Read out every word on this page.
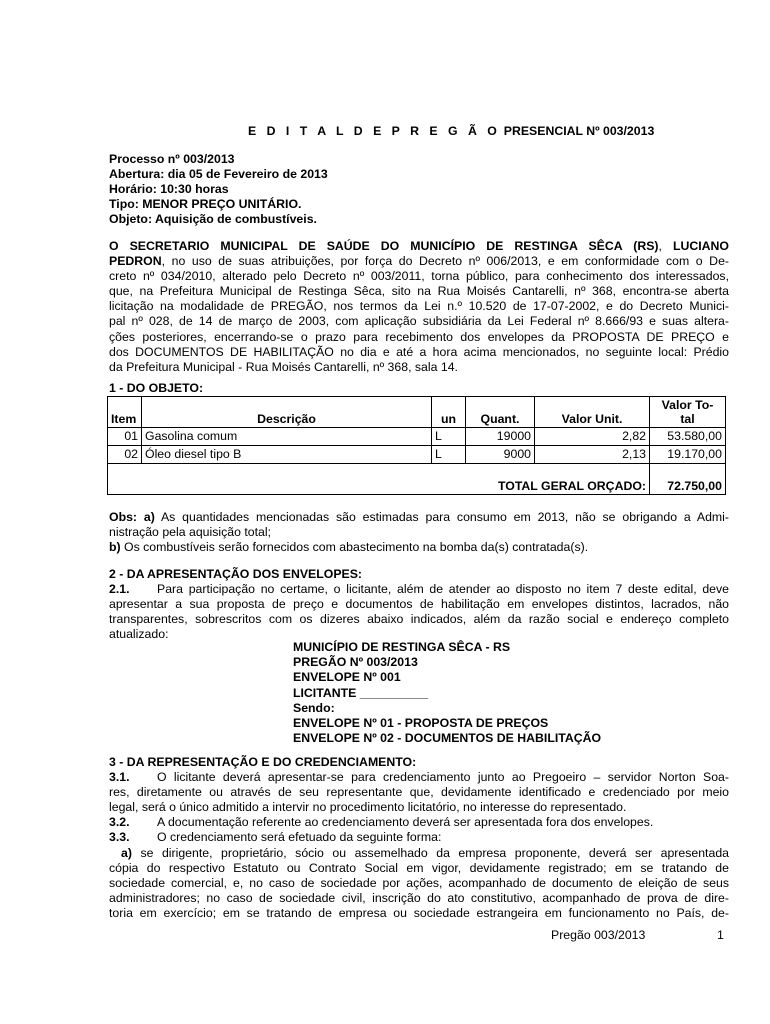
E D I T A L D E P R E G Ã O PRESENCIAL Nº 003/2013
Processo nº 003/2013
Abertura: dia 05 de Fevereiro de 2013
Horário: 10:30 horas
Tipo: MENOR PREÇO UNITÁRIO.
Objeto: Aquisição de combustíveis.
O SECRETARIO MUNICIPAL DE SAÚDE DO MUNICÍPIO DE RESTINGA SÊCA (RS), LUCIANO
PEDRON, no uso de suas atribuições, por força do Decreto nº 006/2013, e em conformidade com o De-
creto nº 034/2010, alterado pelo Decreto nº 003/2011, torna público, para conhecimento dos interessados,
que, na Prefeitura Municipal de Restinga Sêca, sito na Rua Moisés Cantarelli, nº 368, encontra-se aberta
licitação na modalidade de PREGÃO, nos termos da Lei n.º 10.520 de 17-07-2002, e do Decreto Munici-
pal nº 028, de 14 de março de 2003, com aplicação subsidiária da Lei Federal nº 8.666/93 e suas altera-
ções posteriores, encerrando-se o prazo para recebimento dos envelopes da PROPOSTA DE PREÇO e
dos DOCUMENTOS DE HABILITAÇÃO no dia e até a hora acima mencionados, no seguinte local: Prédio
da Prefeitura Municipal - Rua Moisés Cantarelli, nº 368, sala 14.
1 - DO OBJETO:
Item	Descrição	un	Quant.	Valor Unit.	Valor To-
tal

01	Gasolina comum	L	19000	2,82	53.580,00
02	Óleo diesel tipo B	L	9000	2,13	19.170,00
TOTAL GERAL ORÇADO:					72.750,00
Obs: a) As quantidades mencionadas são estimadas para consumo em 2013, não se obrigando a Admi-
nistração pela aquisição total;
b) Os combustíveis serão fornecidos com abastecimento na bomba da(s) contratada(s).
2 - DA APRESENTAÇÃO DOS ENVELOPES:
2.1. Para participação no certame, o licitante, além de atender ao disposto no item 7 deste edital, deve
apresentar a sua proposta de preço e documentos de habilitação em envelopes distintos, lacrados, não
transparentes, sobrescritos com os dizeres abaixo indicados, além da razão social e endereço completo
atualizado:
MUNICÍPIO DE RESTINGA SÊCA - RS
PREGÃO Nº 003/2013
ENVELOPE Nº 001
LICITANTE __________
Sendo:
ENVELOPE Nº 01 - PROPOSTA DE PREÇOS
ENVELOPE Nº 02 - DOCUMENTOS DE HABILITAÇÃO
3 - DA REPRESENTAÇÃO E DO CREDENCIAMENTO:
3.1. O licitante deverá apresentar-se para credenciamento junto ao Pregoeiro – servidor Norton Soa-
res, diretamente ou através de seu representante que, devidamente identificado e credenciado por meio
legal, será o único admitido a intervir no procedimento licitatório, no interesse do representado.
3.2. A documentação referente ao credenciamento deverá ser apresentada fora dos envelopes.
3.3. O credenciamento será efetuado da seguinte forma:
a) se dirigente, proprietário, sócio ou assemelhado da empresa proponente, deverá ser apresentada
cópia do respectivo Estatuto ou Contrato Social em vigor, devidamente registrado; em se tratando de
sociedade comercial, e, no caso de sociedade por ações, acompanhado de documento de eleição de seus
administradores; no caso de sociedade civil, inscrição do ato constitutivo, acompanhado de prova de dire-
toria em exercício; em se tratando de empresa ou sociedade estrangeira em funcionamento no País, de-
Pregão 003/2013	1
